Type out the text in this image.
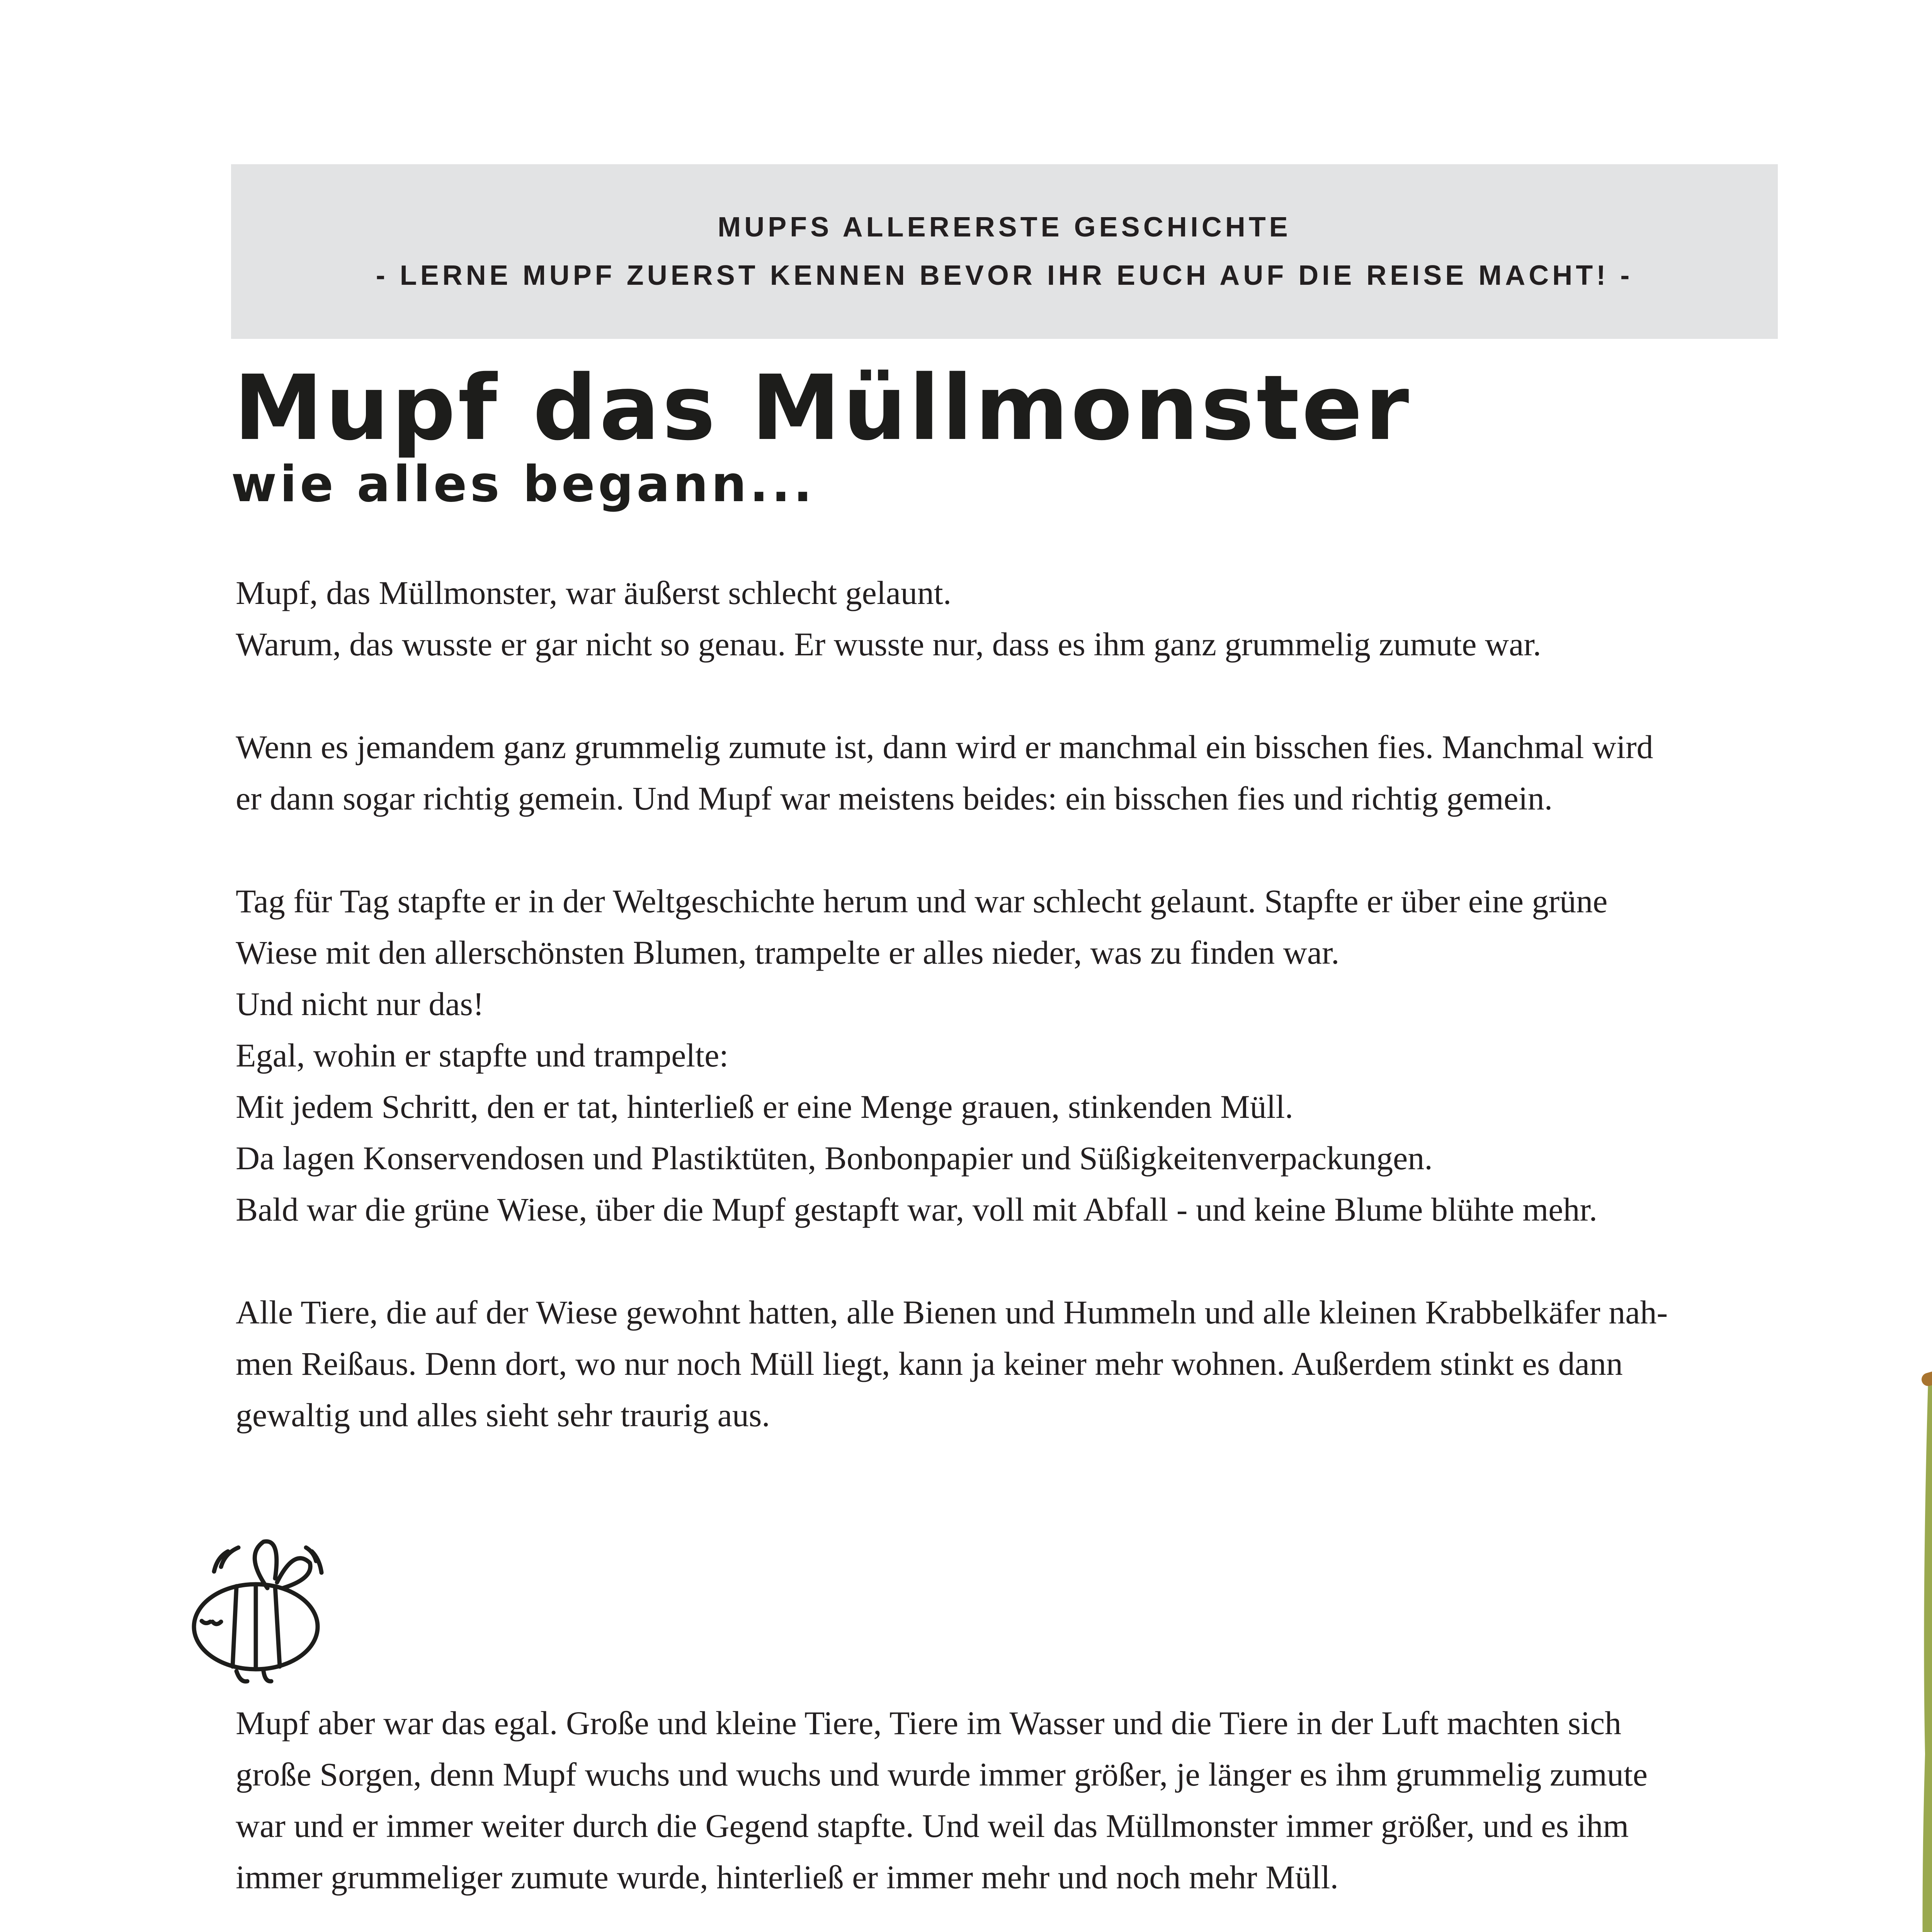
MUPFS ALLERERSTE GESCHICHTE
- LERNE MUPF ZUERST KENNEN BEVOR IHR EUCH AUF DIE REISE MACHT! -
Mupf das Müllmonster
wie alles begann...

Mupf, das Müllmonster, war äußerst schlecht gelaunt.
Warum, das wusste er gar nicht so genau. Er wusste nur, dass es ihm ganz grummelig zumute war.

Wenn es jemandem ganz grummelig zumute ist, dann wird er manchmal ein bisschen fies. Manchmal wird
er dann sogar richtig gemein. Und Mupf war meistens beides: ein bisschen fies und richtig gemein.

Tag für Tag stapfte er in der Weltgeschichte herum und war schlecht gelaunt. Stapfte er über eine grüne
Wiese mit den allerschönsten Blumen, trampelte er alles nieder, was zu finden war.
Und nicht nur das!
Egal, wohin er stapfte und trampelte:
Mit jedem Schritt, den er tat, hinterließ er eine Menge grauen, stinkenden Müll.
Da lagen Konservendosen und Plastiktüten, Bonbonpapier und Süßigkeitenverpackungen.
Bald war die grüne Wiese, über die Mupf gestapft war, voll mit Abfall - und keine Blume blühte mehr.

Alle Tiere, die auf der Wiese gewohnt hatten, alle Bienen und Hummeln und alle kleinen Krabbelkäfer nah-
men Reißaus. Denn dort, wo nur noch Müll liegt, kann ja keiner mehr wohnen. Außerdem stinkt es dann
gewaltig und alles sieht sehr traurig aus.

Mupf aber war das egal. Große und kleine Tiere, Tiere im Wasser und die Tiere in der Luft machten sich
große Sorgen, denn Mupf wuchs und wuchs und wurde immer größer, je länger es ihm grummelig zumute
war und er immer weiter durch die Gegend stapfte. Und weil das Müllmonster immer größer, und es ihm
immer grummeliger zumute wurde, hinterließ er immer mehr und noch mehr Müll.
